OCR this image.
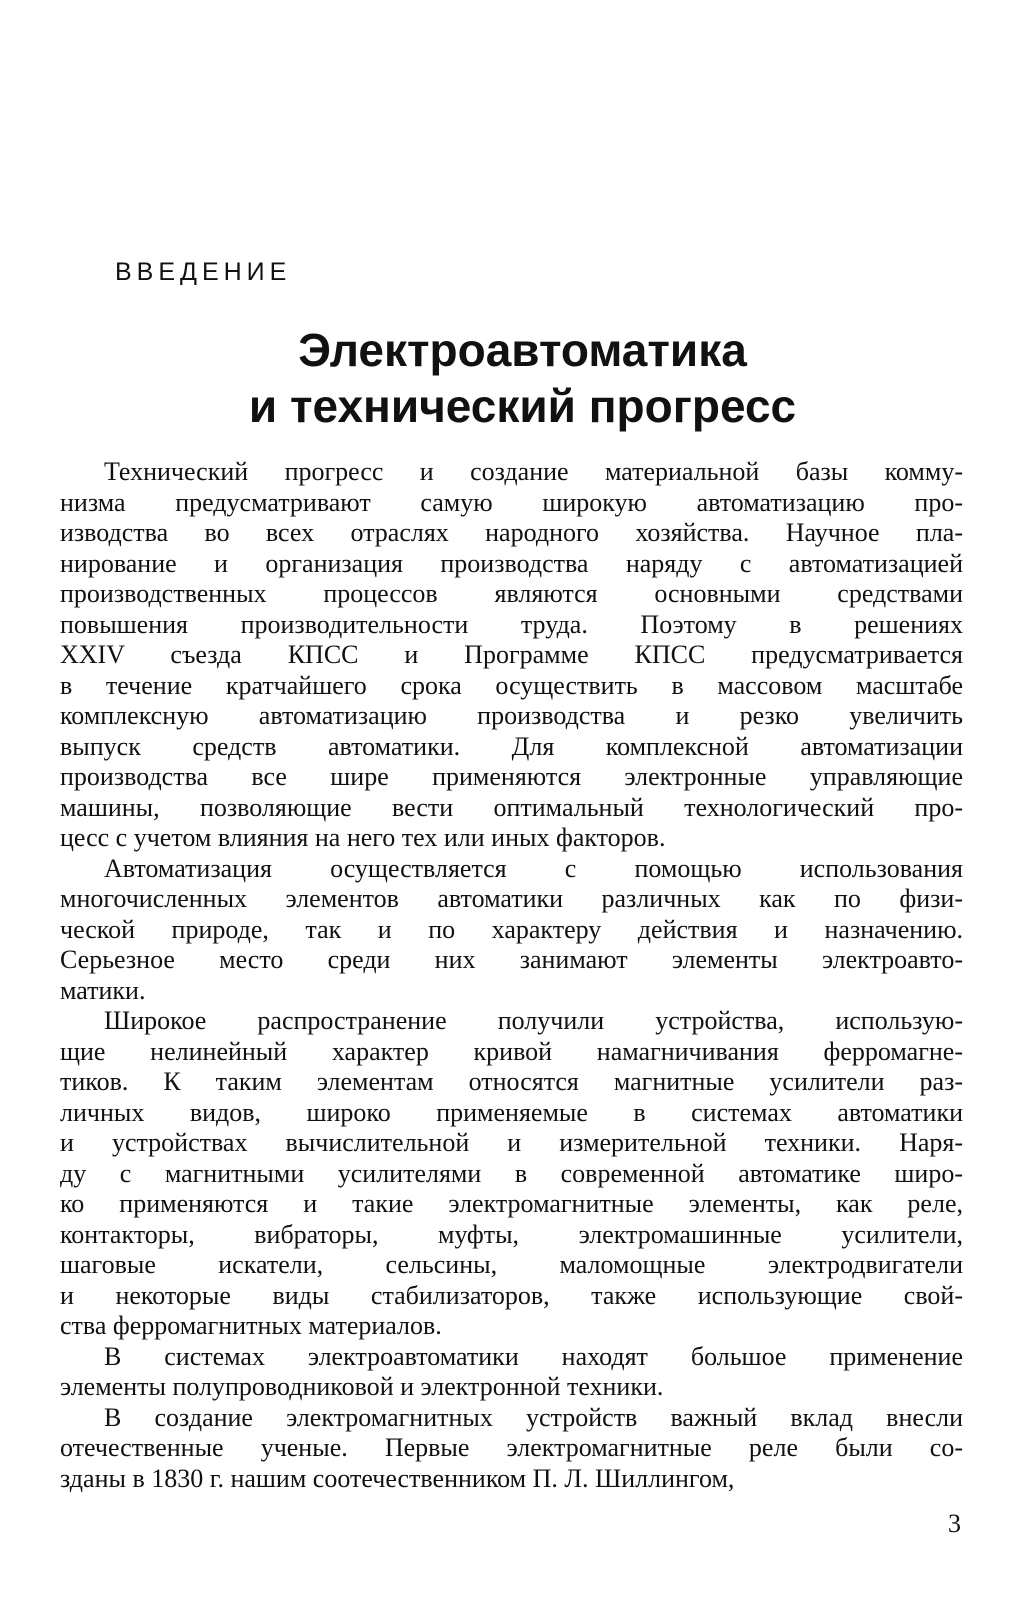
ВВЕДЕНИЕ
Электроавтоматика
и технический прогресс
Технический прогресс и создание материальной базы комму-
низма предусматривают самую широкую автоматизацию про-
изводства во всех отраслях народного хозяйства. Научное пла-
нирование и организация производства наряду с автоматизацией
производственных процессов являются основными средствами
повышения производительности труда. Поэтому в решениях
XXIV съезда КПСС и Программе КПСС предусматривается
в течение кратчайшего срока осуществить в массовом масштабе
комплексную автоматизацию производства и резко увеличить
выпуск средств автоматики. Для комплексной автоматизации
производства все шире применяются электронные управляющие
машины, позволяющие вести оптимальный технологический про-
цесс с учетом влияния на него тех или иных факторов.
Автоматизация осуществляется с помощью использования
многочисленных элементов автоматики различных как по физи-
ческой природе, так и по характеру действия и назначению.
Серьезное место среди них занимают элементы электроавто-
матики.
Широкое распространение получили устройства, использую-
щие нелинейный характер кривой намагничивания ферромагне-
тиков. К таким элементам относятся магнитные усилители раз-
личных видов, широко применяемые в системах автоматики
и устройствах вычислительной и измерительной техники. Наря-
ду с магнитными усилителями в современной автоматике широ-
ко применяются и такие электромагнитные элементы, как реле,
контакторы, вибраторы, муфты, электромашинные усилители,
шаговые искатели, сельсины, маломощные электродвигатели
и некоторые виды стабилизаторов, также использующие свой-
ства ферромагнитных материалов.
В системах электроавтоматики находят большое применение
элементы полупроводниковой и электронной техники.
В создание электромагнитных устройств важный вклад внесли
отечественные ученые. Первые электромагнитные реле были со-
зданы в 1830 г. нашим соотечественником П. Л. Шиллингом,
3
